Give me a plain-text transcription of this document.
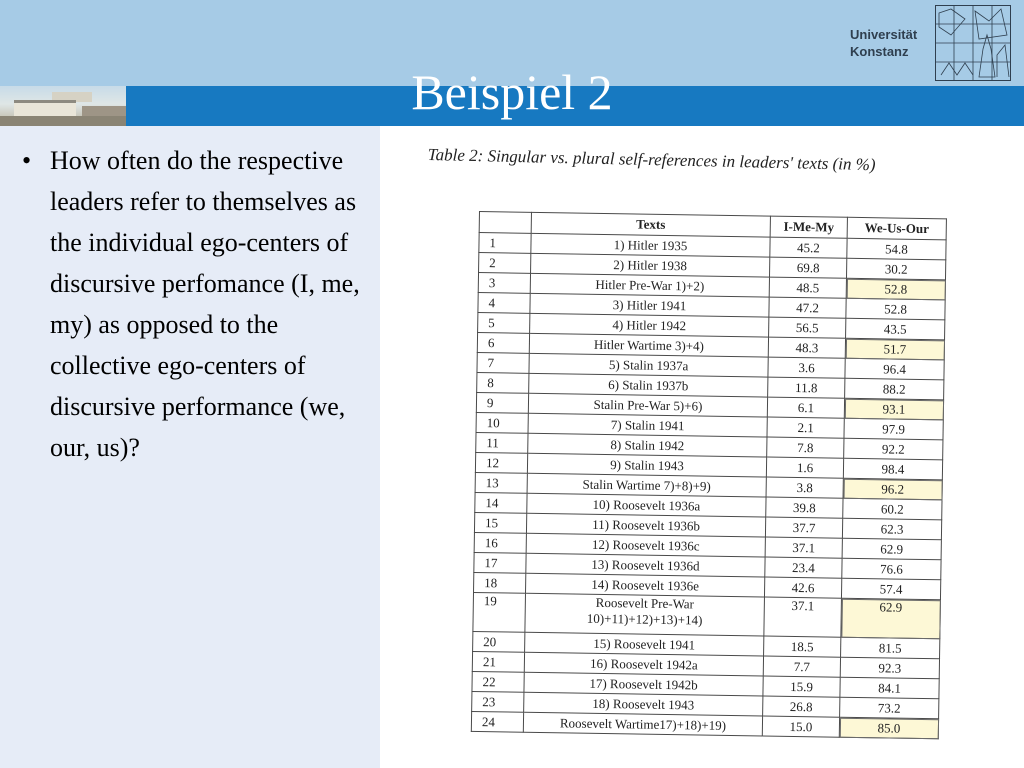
Beispiel 2
Universität
Konstanz
• How often do the respective leaders refer to themselves as the individual ego-centers of discursive perfomance (I, me, my) as opposed to the collective ego-centers of discursive performance (we, our, us)?
Table 2: Singular vs. plural self-references in leaders' texts (in %)
	Texts	I-Me-My	We-Us-Our
1	1) Hitler 1935	45.2	54.8
2	2) Hitler 1938	69.8	30.2
3	Hitler Pre-War 1)+2)	48.5	52.8
4	3) Hitler 1941	47.2	52.8
5	4) Hitler 1942	56.5	43.5
6	Hitler Wartime 3)+4)	48.3	51.7
7	5) Stalin 1937a	3.6	96.4
8	6) Stalin 1937b	11.8	88.2
9	Stalin Pre-War 5)+6)	6.1	93.1
10	7) Stalin 1941	2.1	97.9
11	8) Stalin 1942	7.8	92.2
12	9) Stalin 1943	1.6	98.4
13	Stalin Wartime 7)+8)+9)	3.8	96.2
14	10) Roosevelt 1936a	39.8	60.2
15	11) Roosevelt 1936b	37.7	62.3
16	12) Roosevelt 1936c	37.1	62.9
17	13) Roosevelt 1936d	23.4	76.6
18	14) Roosevelt 1936e	42.6	57.4
19	Roosevelt Pre-War
10)+11)+12)+13)+14)	37.1	62.9
20	15) Roosevelt 1941	18.5	81.5
21	16) Roosevelt 1942a	7.7	92.3
22	17) Roosevelt 1942b	15.9	84.1
23	18) Roosevelt 1943	26.8	73.2
24	Roosevelt Wartime17)+18)+19)	15.0	85.0
